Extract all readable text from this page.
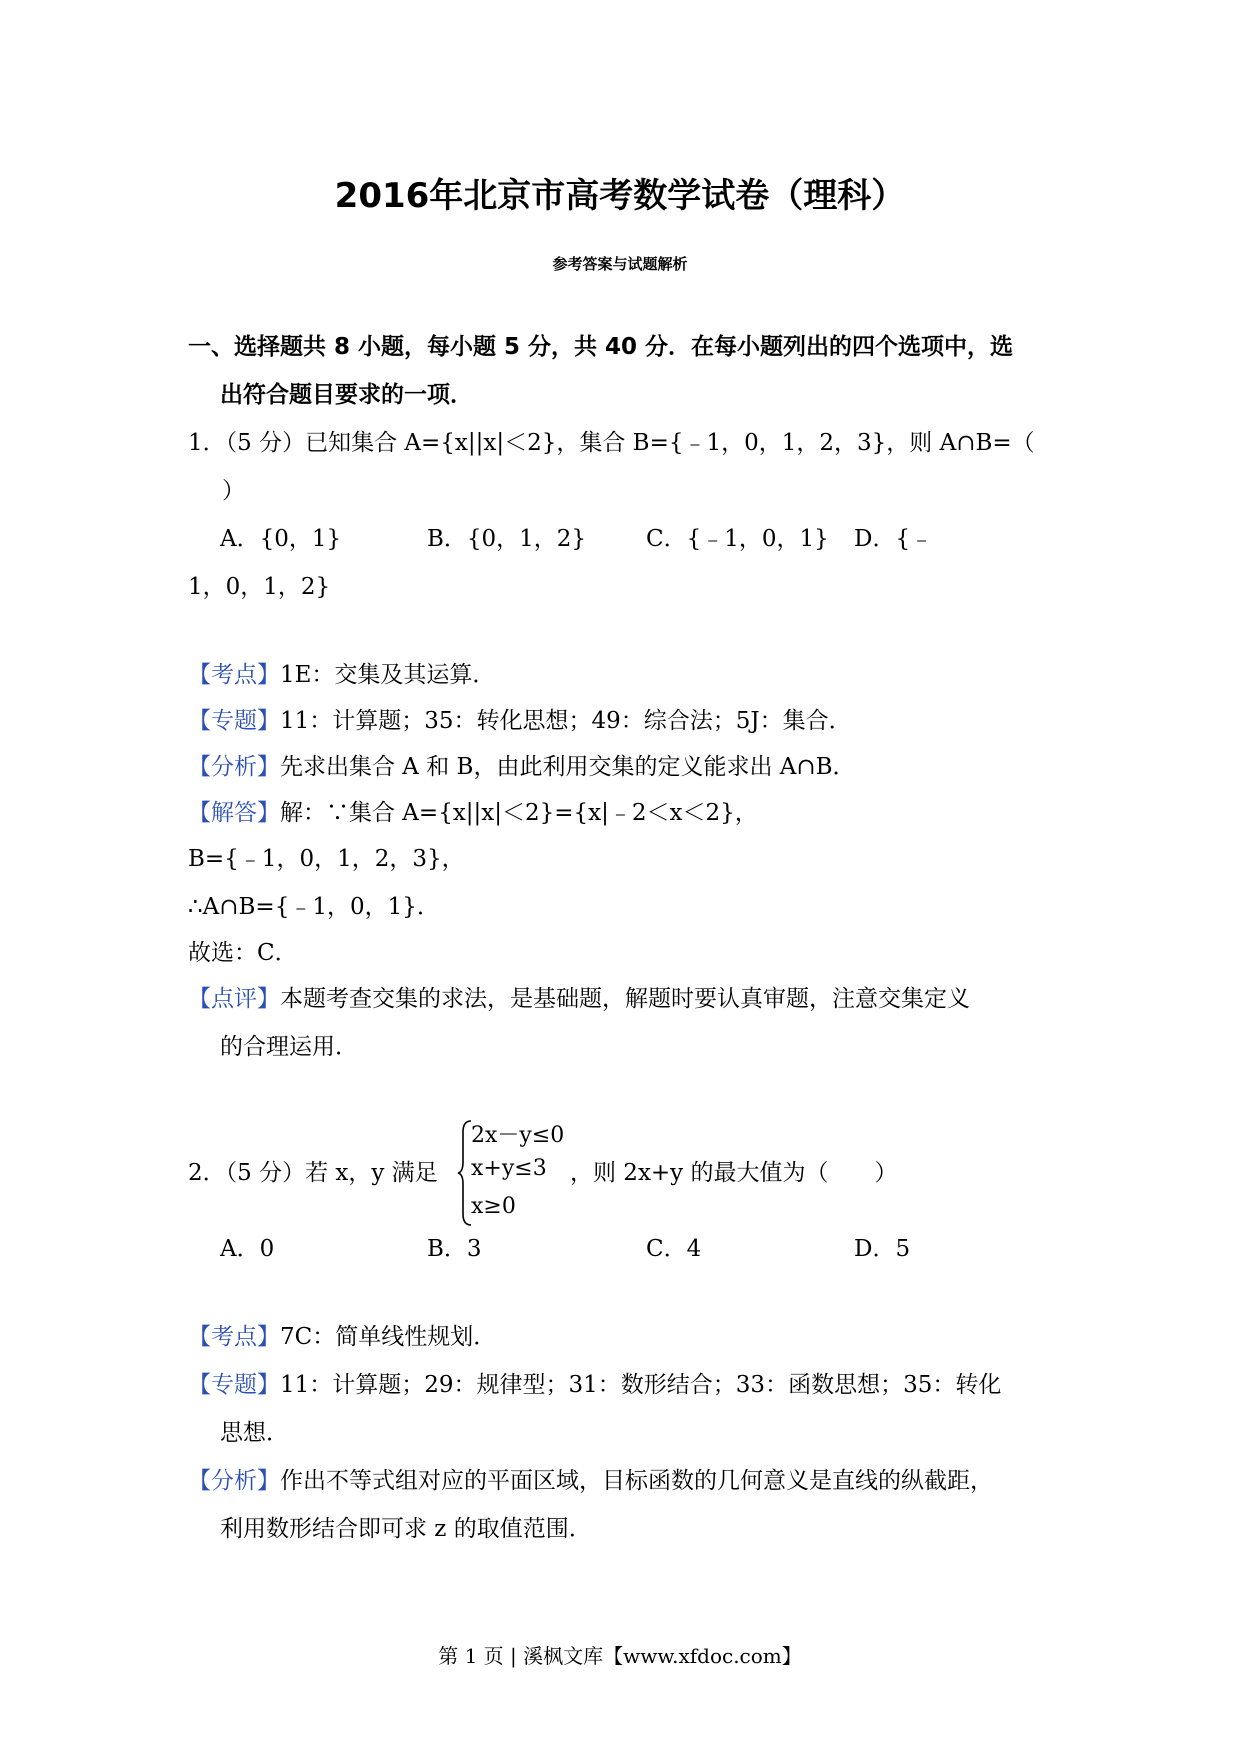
2016年北京市高考数学试卷（理科）
参考答案与试题解析
一、选择题共 8 小题，每小题 5 分，共 40 分．在每小题列出的四个选项中，选
出符合题目要求的一项．
1．（5 分）已知集合 A={x||x|＜2}，集合 B={﹣1，0，1，2，3}，则 A∩B=（
）
A．{0，1}	B．{0，1，2}	C．{﹣1，0，1} D．{﹣
1，0，1，2}
【考点】1E：交集及其运算．
【专题】11：计算题；35：转化思想；49：综合法；5J：集合．
【分析】先求出集合 A 和 B，由此利用交集的定义能求出 A∩B．
【解答】解：∵集合 A={x||x|＜2}={x|﹣2＜x＜2}，
B={﹣1，0，1，2，3}，
∴A∩B={﹣1，0，1}．
故选：C．
【点评】本题考查交集的求法，是基础题，解题时要认真审题，注意交集定义
的合理运用．
2．（5 分）若 x，y 满足
2x－y≤0
x+y≤3
x≥0
，则 2x+y 的最大值为（　　）
A．0	B．3	C．4	D．5
【考点】7C：简单线性规划．
【专题】11：计算题；29：规律型；31：数形结合；33：函数思想；35：转化
思想．
【分析】作出不等式组对应的平面区域，目标函数的几何意义是直线的纵截距，
利用数形结合即可求 z 的取值范围．
第 1 页 | 溪枫文库【www.xfdoc.com】
